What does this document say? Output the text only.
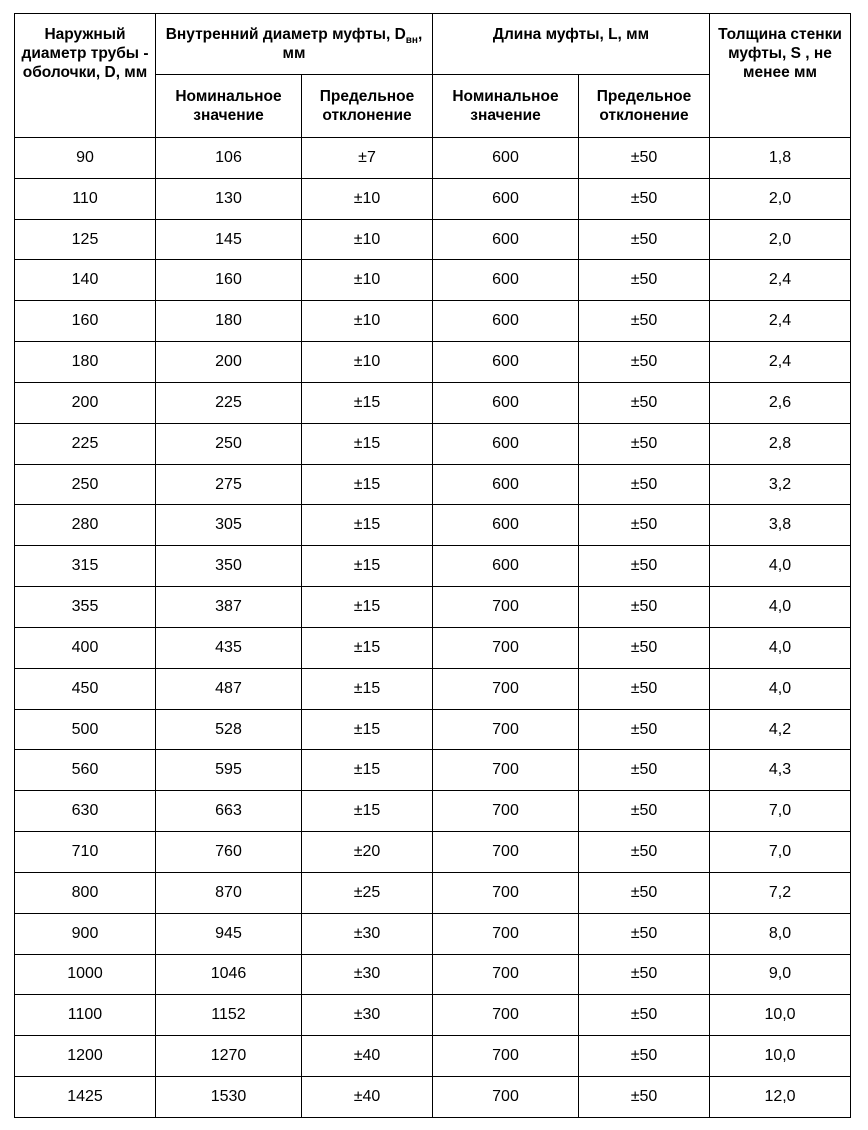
Наружный диаметр трубы - оболочки, D, мм	Внутренний диаметр муфты, $D_{вн}$, мм		Длина муфты, L, мм		Толщина стенки муфты, S , не менее мм
	Номинальное значение	Предельное отклонение	Номинальное значение	Предельное отклонение	
90	106	±7	600	±50	1,8
110	130	±10	600	±50	2,0
125	145	±10	600	±50	2,0
140	160	±10	600	±50	2,4
160	180	±10	600	±50	2,4
180	200	±10	600	±50	2,4
200	225	±15	600	±50	2,6
225	250	±15	600	±50	2,8
250	275	±15	600	±50	3,2
280	305	±15	600	±50	3,8
315	350	±15	600	±50	4,0
355	387	±15	700	±50	4,0
400	435	±15	700	±50	4,0
450	487	±15	700	±50	4,0
500	528	±15	700	±50	4,2
560	595	±15	700	±50	4,3
630	663	±15	700	±50	7,0
710	760	±20	700	±50	7,0
800	870	±25	700	±50	7,2
900	945	±30	700	±50	8,0
1000	1046	±30	700	±50	9,0
1100	1152	±30	700	±50	10,0
1200	1270	±40	700	±50	10,0
1425	1530	±40	700	±50	12,0
